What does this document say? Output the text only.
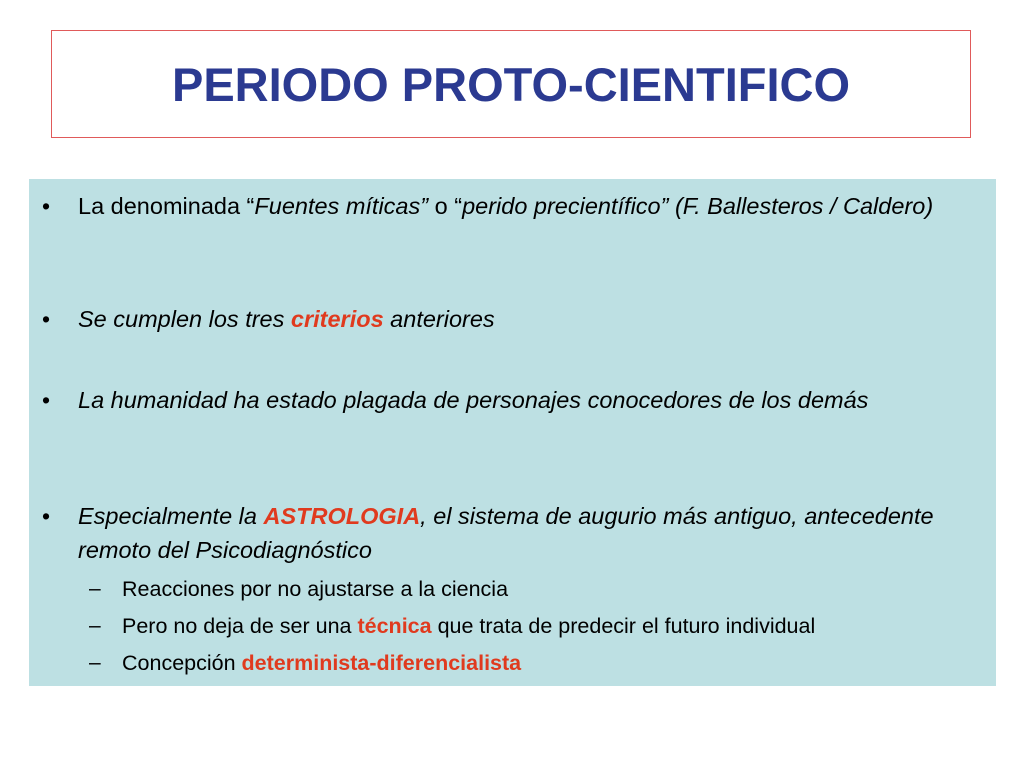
PERIODO PROTO-CIENTIFICO
• La denominada “Fuentes míticas” o “perido precientífico” (F. Ballesteros / Caldero)
• Se cumplen los tres criterios anteriores
• La humanidad ha estado plagada de personajes conocedores de los demás
• Especialmente la ASTROLOGIA, el sistema de augurio más antiguo, antecedente remoto del Psicodiagnóstico
– Reacciones por no ajustarse a la ciencia
– Pero no deja de ser una técnica que trata de predecir el futuro individual
– Concepción determinista-diferencialista
